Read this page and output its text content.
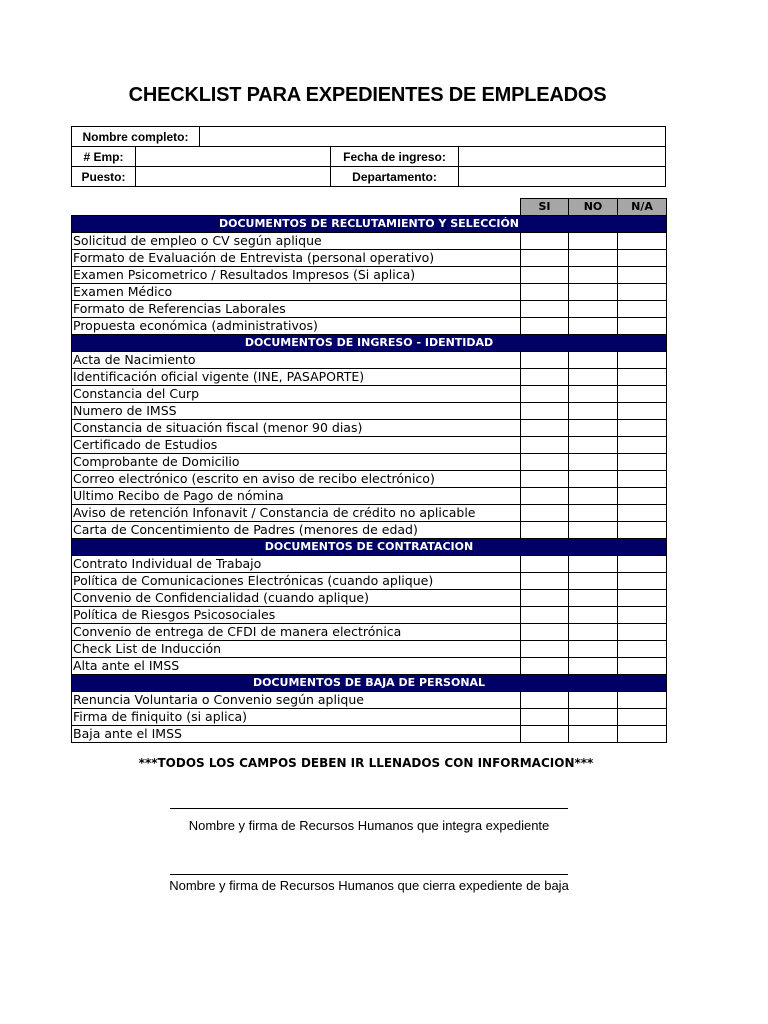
CHECKLIST PARA EXPEDIENTES DE EMPLEADOS
Nombre completo:	
# Emp:			Fecha de ingreso:	
Puesto:			Departamento:	
	SI	NO	N/A
DOCUMENTOS DE RECLUTAMIENTO Y SELECCIÓN			
Solicitud de empleo o CV según aplique			
Formato de Evaluación de Entrevista (personal operativo)			
Examen Psicometrico / Resultados Impresos (Si aplica)			
Examen Médico			
Formato de Referencias Laborales			
Propuesta económica (administrativos)			
DOCUMENTOS DE INGRESO - IDENTIDAD			
Acta de Nacimiento			
Identificación oficial vigente (INE, PASAPORTE)			
Constancia del Curp			
Numero de IMSS			
Constancia de situación fiscal (menor 90 dias)			
Certificado de Estudios			
Comprobante de Domicilio			
Correo electrónico (escrito en aviso de recibo electrónico)			
Ultimo Recibo de Pago de nómina			
Aviso de retención Infonavit / Constancia de crédito no aplicable			
Carta de Concentimiento de Padres (menores de edad)			
DOCUMENTOS DE CONTRATACION			
Contrato Individual de Trabajo			
Política de Comunicaciones Electrónicas (cuando aplique)			
Convenio de Confidencialidad (cuando aplique)			
Política de Riesgos Psicosociales			
Convenio de entrega de CFDI de manera electrónica			
Check List de Inducción			
Alta ante el IMSS			
DOCUMENTOS DE BAJA DE PERSONAL			
Renuncia Voluntaria o Convenio según aplique			
Firma de finiquito (si aplica)			
Baja ante el IMSS			
***TODOS LOS CAMPOS DEBEN IR LLENADOS CON INFORMACION***
Nombre y firma de Recursos Humanos que integra expediente
Nombre y firma de Recursos Humanos que cierra expediente de baja
